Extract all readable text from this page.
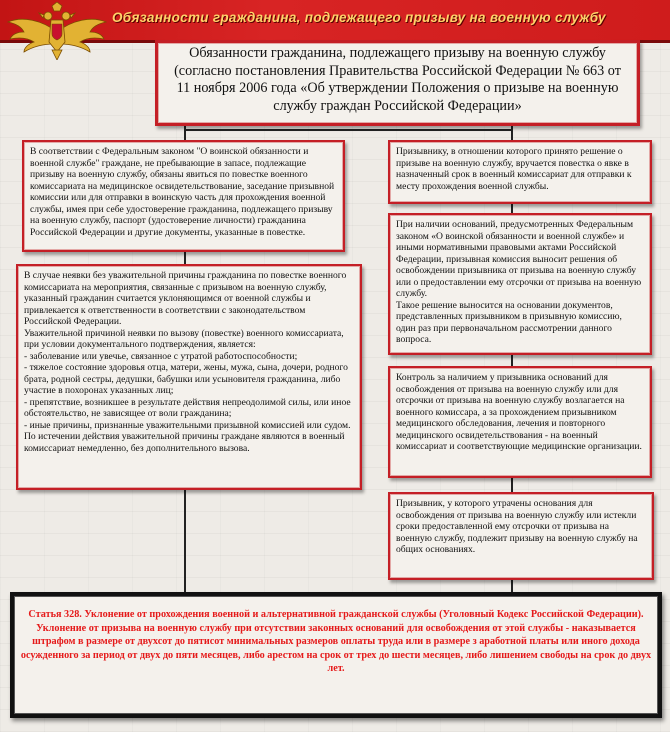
Обязанности гражданина, подлежащего призыву на военную службу
Обязанности гражданина, подлежащего призыву на военную службу (согласно постановления Правительства Российской Федерации № 663 от 11 ноября 2006 года «Об утверждении Положения о призыве на военную службу граждан Российской Федерации»
В соответствии с Федеральным законом "О воинской обязанности и военной службе" граждане, не пребывающие в запасе, подлежащие призыву на военную службу, обязаны явиться по повестке военного комиссариата на медицинское освидетельствование, заседание призывной комиссии или для отправки в воинскую часть для прохождения военной службы, имея при себе удостоверение гражданина, подлежащего призыву на военную службу, паспорт (удостоверение личности) гражданина Российской Федерации и другие документы, указанные в повестке.
В случае неявки без уважительной причины гражданина по повестке военного комиссариата на мероприятия, связанные с призывом на военную службу, указанный гражданин считается уклоняющимся от военной службы и привлекается к ответственности в соответствии с законодательством Российской Федерации.
Уважительной причиной неявки по вызову (повестке) военного комиссариата, при условии документального подтверждения, является:
- заболевание или увечье, связанное с утратой работоспособности;
- тяжелое состояние здоровья отца, матери, жены, мужа, сына, дочери, родного брата, родной сестры, дедушки, бабушки или усыновителя гражданина, либо участие в похоронах указанных лиц;
- препятствие, возникшее в результате действия непреодолимой силы, или иное обстоятельство, не зависящее от воли гражданина;
- иные причины, признанные уважительными призывной комиссией или судом.
По истечении действия уважительной причины граждане являются в военный комиссариат немедленно, без дополнительного вызова.
Призывнику, в отношении которого принято решение о призыве на военную службу, вручается повестка о явке в назначенный срок в военный комиссариат для отправки к месту прохождения военной службы.
При наличии оснований, предусмотренных Федеральным законом «О воинской обязанности и военной службе» и иными нормативными правовыми актами Российской Федерации, призывная комиссия выносит решения об освобождении призывника от призыва на военную службу или о предоставлении ему отсрочки от призыва на военную службу.
Такое решение выносится на основании документов, представленных призывником в призывную комиссию, один раз при первоначальном рассмотрении данного вопроса.
Контроль за наличием у призывника оснований для освобождения от призыва на военную службу или для отсрочки от призыва на военную службу возлагается на военного комиссара, а за прохождением призывником медицинского обследования, лечения и повторного медицинского освидетельствования - на военный комиссариат и соответствующие медицинские организации.
Призывник, у которого утрачены основания для освобождения от призыва на военную службу или истекли сроки предоставленной ему отсрочки от призыва на военную службу, подлежит призыву на военную службу на общих основаниях.
Статья 328. Уклонение от прохождения военной и альтернативной гражданской службы (Уголовный Кодекс Российской Федерации).
Уклонение от призыва на военную службу при отсутствии законных оснований для освобождения от этой службы - наказывается штрафом в размере от двухсот до пятисот минимальных размеров оплаты труда или в размере з арaботной платы или иного дохода осужденного за период от двух до пяти месяцев, либо арестом на срок от трех до шести месяцев, либо лишением свободы на срок до двух лет.
